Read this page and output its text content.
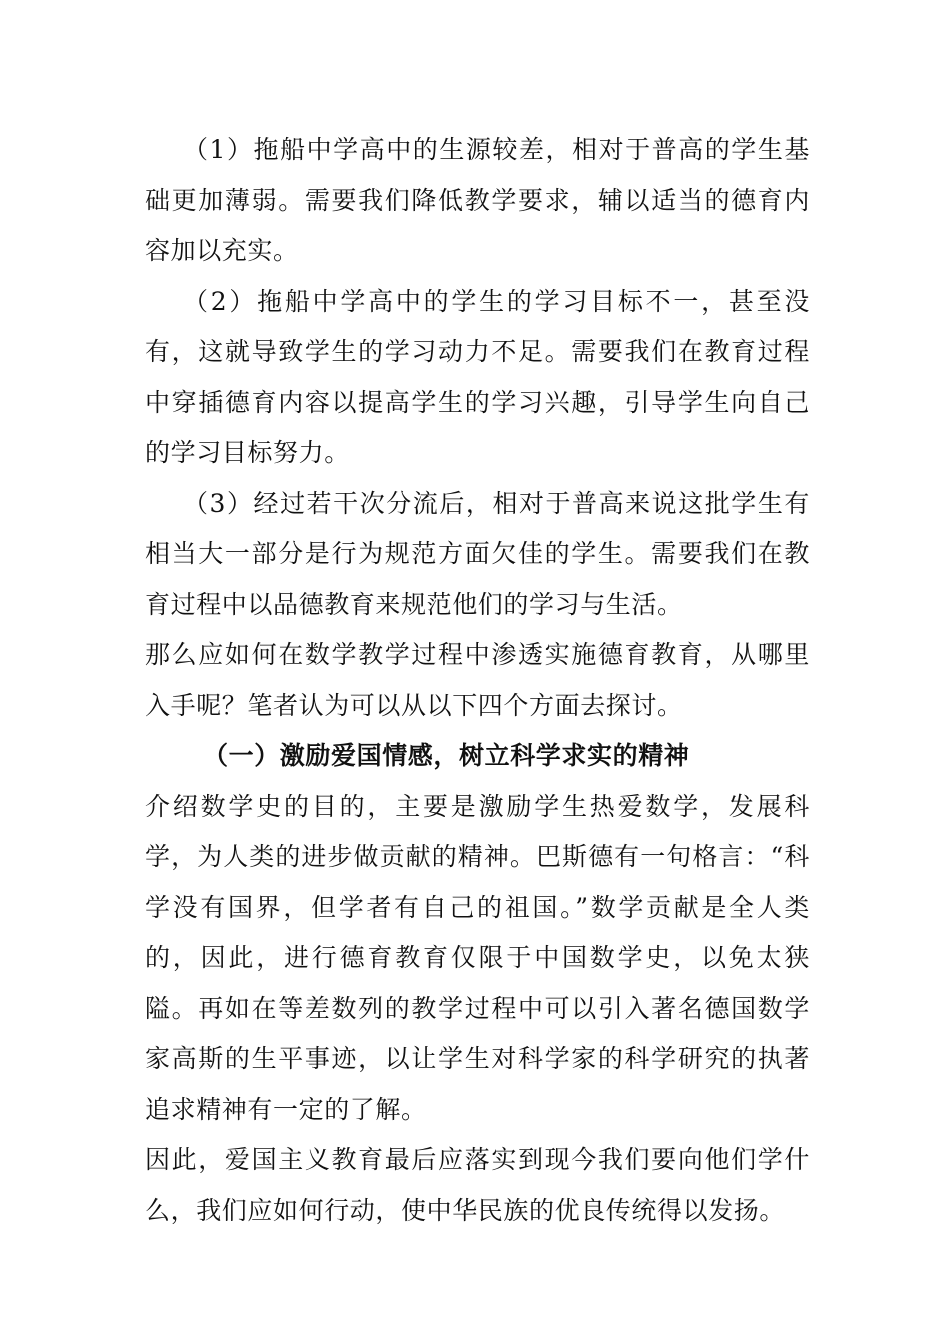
（1）拖船中学高中的生源较差，相对于普高的学生基础更加薄弱。需要我们降低教学要求，辅以适当的德育内容加以充实。

（2）拖船中学高中的学生的学习目标不一，甚至没有，这就导致学生的学习动力不足。需要我们在教育过程中穿插德育内容以提高学生的学习兴趣，引导学生向自己的学习目标努力。

（3）经过若干次分流后，相对于普高来说这批学生有相当大一部分是行为规范方面欠佳的学生。需要我们在教育过程中以品德教育来规范他们的学习与生活。

那么应如何在数学教学过程中渗透实施德育教育，从哪里入手呢？笔者认为可以从以下四个方面去探讨。

（一）激励爱国情感，树立科学求实的精神

介绍数学史的目的，主要是激励学生热爱数学，发展科学，为人类的进步做贡献的精神。巴斯德有一句格言：“科学没有国界，但学者有自己的祖国。”数学贡献是全人类的，因此，进行德育教育仅限于中国数学史，以免太狭隘。再如在等差数列的教学过程中可以引入著名德国数学家高斯的生平事迹，以让学生对科学家的科学研究的执著追求精神有一定的了解。

因此，爱国主义教育最后应落实到现今我们要向他们学什么，我们应如何行动，使中华民族的优良传统得以发扬。
